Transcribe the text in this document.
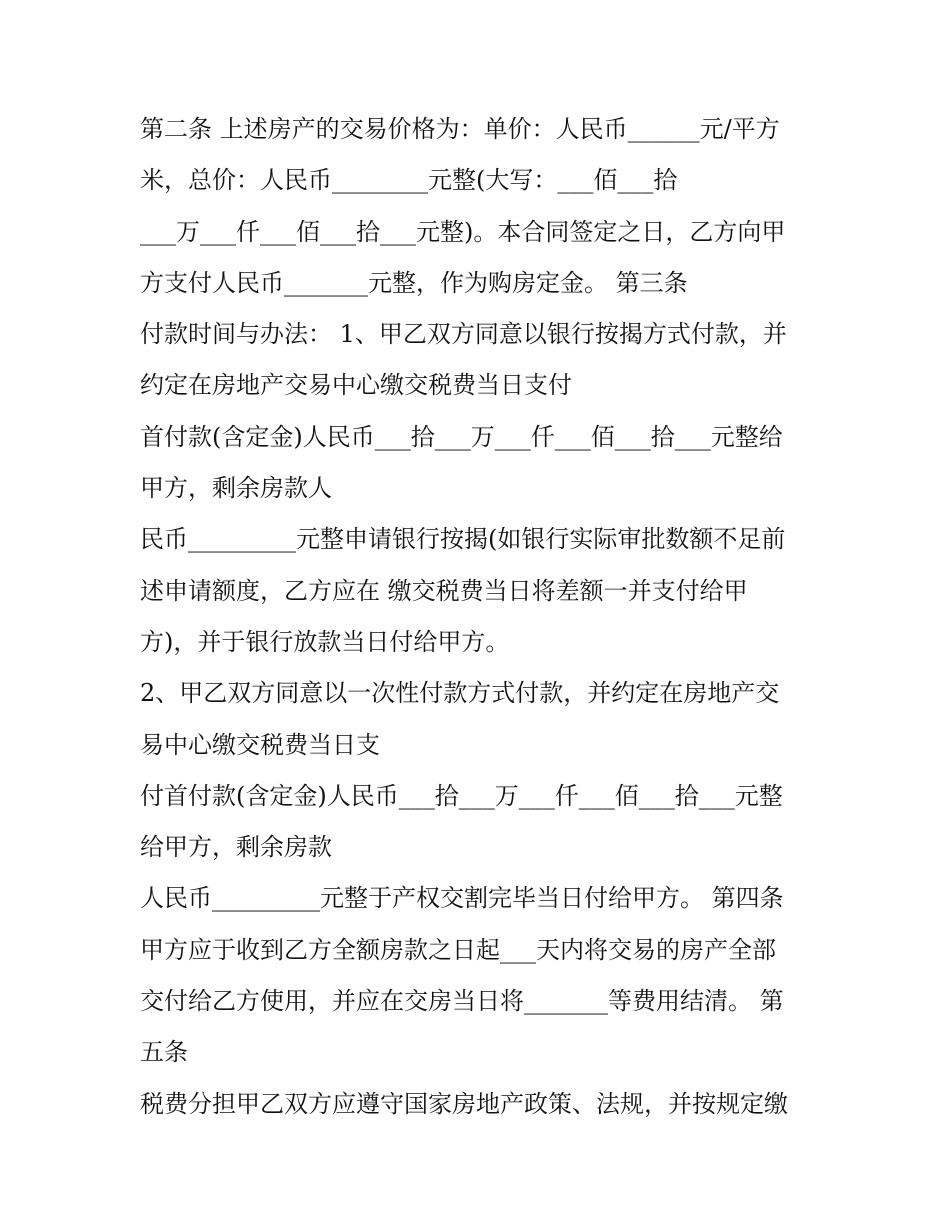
第二条 上述房产的交易价格为：单价：人民币______元/平方
米，总价：人民币________元整(大写：___佰___拾
___万___仟___佰___拾___元整)。本合同签定之日，乙方向甲
方支付人民币_______元整，作为购房定金。 第三条
付款时间与办法： 1、甲乙双方同意以银行按揭方式付款，并
约定在房地产交易中心缴交税费当日支付
首付款(含定金)人民币___拾___万___仟___佰___拾___元整给
甲方，剩余房款人
民币_________元整申请银行按揭(如银行实际审批数额不足前
述申请额度，乙方应在 缴交税费当日将差额一并支付给甲
方)，并于银行放款当日付给甲方。
2、甲乙双方同意以一次性付款方式付款，并约定在房地产交
易中心缴交税费当日支
付首付款(含定金)人民币___拾___万___仟___佰___拾___元整
给甲方，剩余房款
人民币_________元整于产权交割完毕当日付给甲方。 第四条
甲方应于收到乙方全额房款之日起___天内将交易的房产全部
交付给乙方使用，并应在交房当日将_______等费用结清。 第
五条
税费分担甲乙双方应遵守国家房地产政策、法规，并按规定缴
